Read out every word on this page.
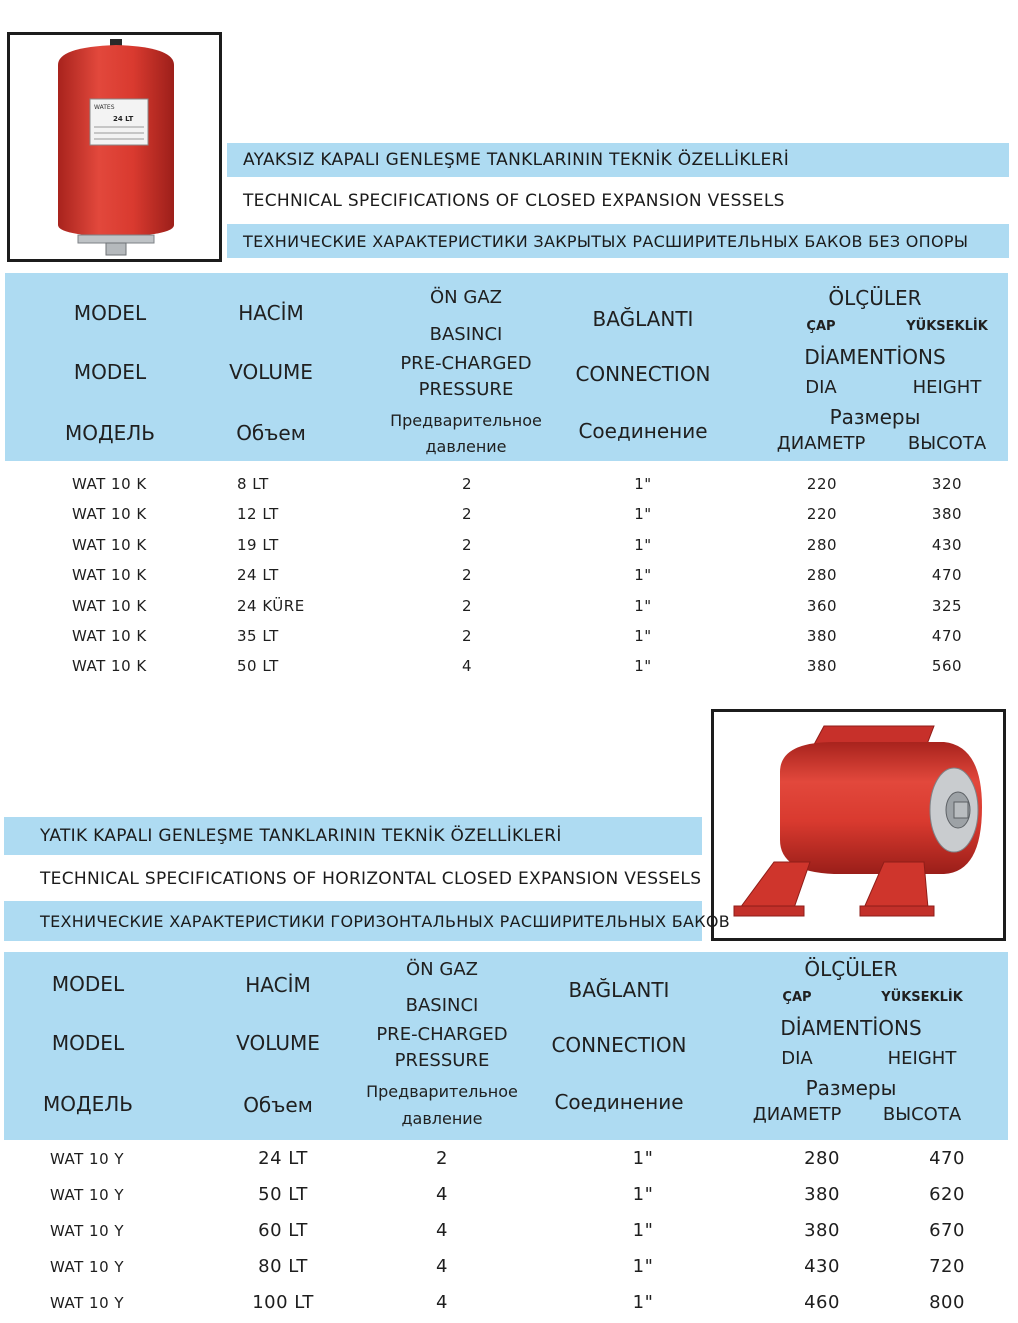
WATES
24 LT
AYAKSIZ KAPALI GENLEŞME TANKLARININ TEKNİK ÖZELLİKLERİ
TECHNICAL SPECIFICATIONS OF CLOSED EXPANSION VESSELS
ТЕХНИЧЕСКИЕ ХАРАКТЕРИСТИКИ ЗАКРЫТЫХ РАСШИРИТЕЛЬНЫХ БАКОВ БЕЗ ОПОРЫ
MODEL
MODEL
МОДЕЛЬ
HACİM
VOLUME
Объем
ÖN GAZ
BASINCI
PRE-CHARGED
PRESSURE
Предварительное
давление
BAĞLANTI
CONNECTION
Соединение
ÖLÇÜLER
ÇAP	YÜKSEKLİK
DİAMENTİONS
DIA	HEIGHT
Размеры
ДИАМЕТР	ВЫСОТА
WAT 10 K	8 LT	2	1"	220	320
WAT 10 K	12 LT	2	1"	220	380
WAT 10 K	19 LT	2	1"	280	430
WAT 10 K	24 LT	2	1"	280	470
WAT 10 K	24 KÜRE	2	1"	360	325
WAT 10 K	35 LT	2	1"	380	470
WAT 10 K	50 LT	4	1"	380	560
YATIK KAPALI GENLEŞME TANKLARININ TEKNİK ÖZELLİKLERİ
TECHNICAL SPECIFICATIONS OF HORIZONTAL CLOSED EXPANSION VESSELS
ТЕХНИЧЕСКИЕ ХАРАКТЕРИСТИКИ ГОРИЗОНТАЛЬНЫХ РАСШИРИТЕЛЬНЫХ БАКОВ
MODEL
MODEL
МОДЕЛЬ
HACİM
VOLUME
Объем
ÖN GAZ
BASINCI
PRE-CHARGED
PRESSURE
Предварительное
давление
BAĞLANTI
CONNECTION
Соединение
ÖLÇÜLER
ÇAP	YÜKSEKLİK
DİAMENTİONS
DIA	HEIGHT
Размеры
ДИАМЕТР	ВЫСОТА
WAT 10 Y	24 LT	2	1"	280	470
WAT 10 Y	50 LT	4	1"	380	620
WAT 10 Y	60 LT	4	1"	380	670
WAT 10 Y	80 LT	4	1"	430	720
WAT 10 Y	100 LT	4	1"	460	800
